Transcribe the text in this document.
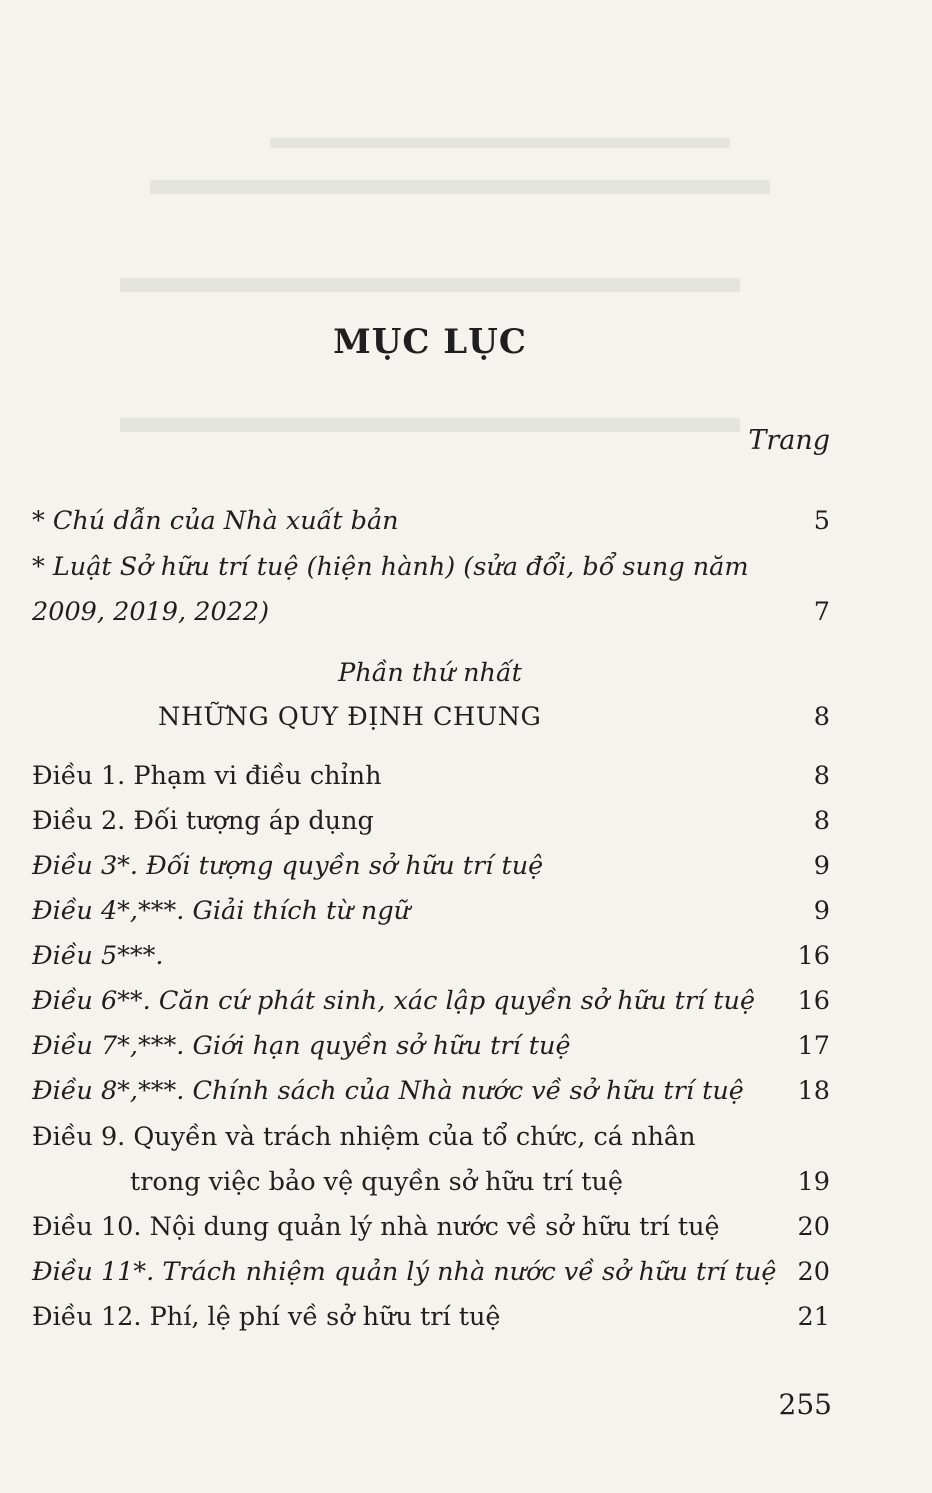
MỤC LỤC
Trang
* Chú dẫn của Nhà xuất bản	5
* Luật Sở hữu trí tuệ (hiện hành) (sửa đổi, bổ sung năm
2009, 2019, 2022)	7
Phần thứ nhất
NHỮNG QUY ĐỊNH CHUNG	8
Điều 1. Phạm vi điều chỉnh	8
Điều 2. Đối tượng áp dụng	8
Điều 3*. Đối tượng quyền sở hữu trí tuệ	9
Điều 4*,***. Giải thích từ ngữ	9
Điều 5***.	16
Điều 6**. Căn cứ phát sinh, xác lập quyền sở hữu trí tuệ 16
Điều 7*,***. Giới hạn quyền sở hữu trí tuệ	17
Điều 8*,***. Chính sách của Nhà nước về sở hữu trí tuệ 18
Điều 9. Quyền và trách nhiệm của tổ chức, cá nhân
trong việc bảo vệ quyền sở hữu trí tuệ	19
Điều 10. Nội dung quản lý nhà nước về sở hữu trí tuệ	20
Điều 11*. Trách nhiệm quản lý nhà nước về sở hữu trí tuệ 20
Điều 12. Phí, lệ phí về sở hữu trí tuệ	21
255
